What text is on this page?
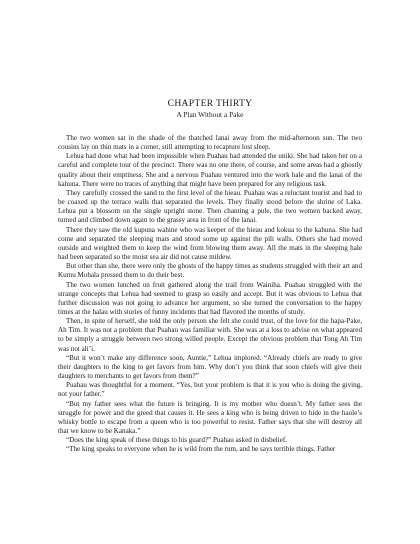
CHAPTER THIRTY
A Plan Without a Pake

The two women sat in the shade of the thatched lanai away from the mid-afternoon sun. The two cousins lay on thin mats in a corner, still attempting to recapture lost sleep.

Lehua had done what had been impossible when Puahau had attended the uniki. She had taken her on a careful and complete tour of the precinct. There was no one there, of course, and some areas had a ghostly quality about their emptiness. She and a nervous Puahau ventured into the work hale and the lanai of the kahuna. There were no traces of anything that might have been prepared for any religious task.

They carefully crossed the sand to the first level of the hieau. Puahau was a reluctant tourist and had to be coaxed up the terrace walls that separated the levels. They finally stood before the shrine of Laka. Lehua put a blossom on the single upright stone. Then chanting a pule, the two women backed away, turned and climbed down again to the grassy area in front of the lanai.

There they saw the old kupuna wahine who was keeper of the hieau and kokua to the kahuna. She had come and separated the sleeping mats and stood some up against the pili walls. Others she had moved outside and weighted them to keep the wind from blowing them away. All the mats in the sleeping hale had been separated so the moist sea air did not cause mildew.

But other than she, there were only the ghosts of the happy times as students struggled with their art and Kumu Mohala pressed them to do their best.

The two women lunched on fruit gathered along the trail from Wainiha. Puahau struggled with the strange concepts that Lehua had seemed to grasp so easily and accept. But it was obvious to Lehua that further discussion was not going to advance her argument, so she turned the conversation to the happy times at the halau with stories of funny incidents that had flavored the months of study.

Then, in spite of herself, she told the only person she felt she could trust, of the love for the hapa-Pake, Ah Tim. It was not a problem that Puahau was familiar with. She was at a loss to advise on what appeared to be simply a struggle between two strong willed people. Except the obvious problem that Tong Ah Tim was not ali’i.

“But it won’t make any difference soon, Auntie,” Lehua implored. “Already chiefs are ready to give their daughters to the king to get favors from him. Why don’t you think that soon chiefs will give their daughters to merchants to get favors from them?”

Puahau was thoughtful for a moment. “Yes, but your problem is that it is you who is doing the giving, not your father.”

“But my father sees what the future is bringing. It is my mother who doesn’t. My father sees the struggle for power and the greed that causes it. He sees a king who is being driven to hide in the haole’s whisky bottle to escape from a queen who is too powerful to resist. Father says that she will destroy all that we know to be Kanaka.”

“Does the king speak of these things to his guard?” Puahau asked in disbelief.

“The king speaks to everyone when he is wild from the rum, and he says terrible things. Father
